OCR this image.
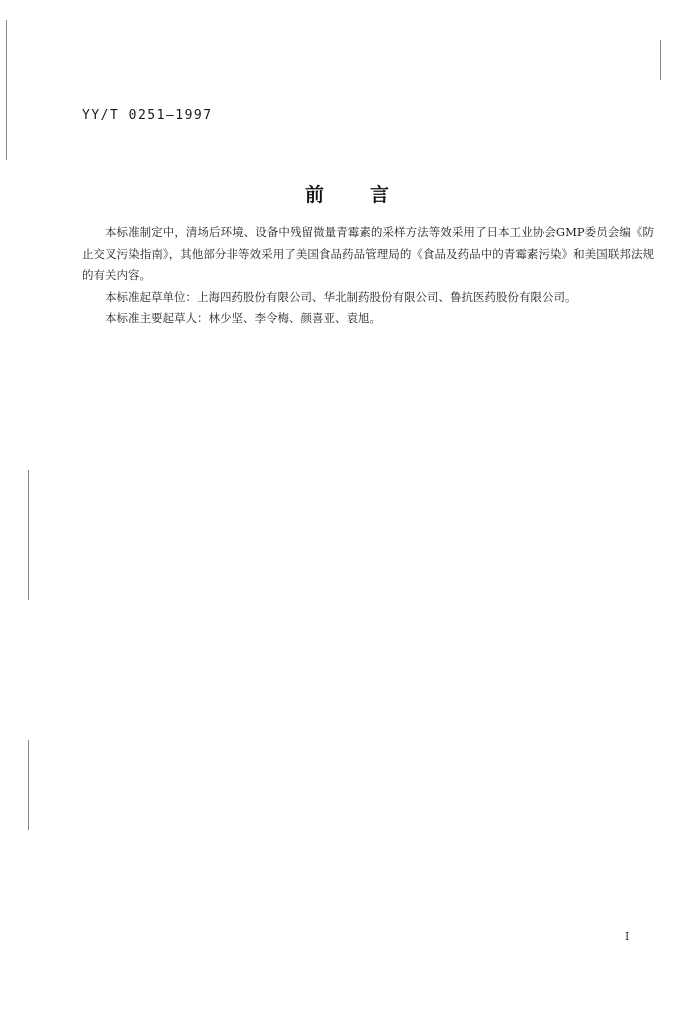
YY/T 0251—1997
前言

本标准制定中，清场后环境、设备中残留微量青霉素的采样方法等效采用了日本工业协会GMP委员会编《防止交叉污染指南》，其他部分非等效采用了美国食品药品管理局的《食品及药品中的青霉素污染》和美国联邦法规的有关内容。

本标准起草单位：上海四药股份有限公司、华北制药股份有限公司、鲁抗医药股份有限公司。

本标准主要起草人：林少坚、李令梅、颜喜亚、袁旭。

I
